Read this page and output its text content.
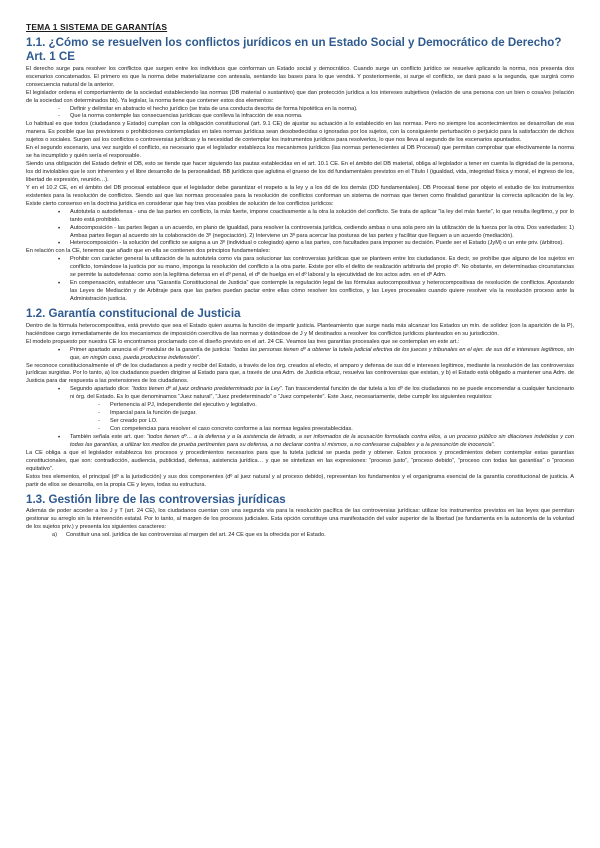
TEMA 1 SISTEMA DE GARANTÍAS
1.1. ¿Cómo se resuelven los conflictos jurídicos en un Estado Social y Democrático de Derecho? Art. 1 CE

El derecho surge para resolver los conflictos que surgen entre los individuos que conforman un Estado social y democrático. Cuando surge un conflicto jurídico se resuelve aplicando la norma, nos presenta dos escenarios concatenados. El primero es que la norma debe materializarse con antesala, sentando las bases para lo que vendrá. Y posteriormente, si surge el conflicto, se dará paso a la segunda, que surgirá como consecuencia natural de la anterior.

El legislador ordena el comportamiento de la sociedad estableciendo las normas (DB material o sustantivo) que dan protección jurídica a los intereses subjetivos (relación de una persona con un bien o cosa/es (relación de la sociedad con determinados bb). Ya legislar, la norma tiene que contener estos dos elementos:

- Definir y delimitar en abstracto el hecho jurídico (se trata de una conducta descrita de forma hipotética en la norma).
- Que la norma contemple las consecuencias jurídicas que conlleva la infracción de esa norma.

Lo habitual es que todos (ciudadanos y Estado) cumplan con la obligación constitucional (art. 9.1 CE) de ajustar su actuación a lo establecido en las normas. Pero no siempre los acontecimientos se desarrollan de esa manera. Es posible que las previsiones o prohibiciones contempladas en tales normas jurídicas sean desobedecidas o ignoradas por los sujetos, con la consiguiente perturbación o perjuicio para la satisfacción de dichos sujetos o sociales. Surgen así los conflictos o controversias jurídicas y la necesidad de contemplar los instrumentos jurídicos para resolverlos, lo que nos lleva al segundo de los escenarios apuntados.

En el segundo escenario, una vez surgido el conflicto, es necesario que el legislador establezca los mecanismos jurídicos (las normas pertenecientes al DB Procesal) que permitan comprobar que efectivamente la norma se ha incumplido y quién sería el responsable.

Siendo una obligación del Estado definir el DB, esto se tiende que hacer siguiendo las pautas establecidas en el art. 10.1 CE. En el ámbito del DB material, obliga al legislador a tener en cuenta la dignidad de la persona, los dd inviolables que le son inherentes y el libre desarrollo de la personalidad. BB jurídicos que aglutina el grueso de los dd fundamentales previstos en el Título I (igualdad, vida, integridad física y moral, el ingreso de los, libertad de expresión, reunión…).

Y en el 10.2 CE, en el ámbito del DB procesal establece que el legislador debe garantizar el respeto a la ley y a los dd de los demás (DD fundamentales). DB Procesal tiene por objeto el estudio de los instrumentos existentes para la resolución de conflictos. Siendo así que las normas procesales para la resolución de conflictos conforman un sistema de normas que tienen como finalidad garantizar la correcta aplicación de la ley. Existe cierto consenso en la doctrina jurídica en considerar que hay tres vías posibles de solución de los conflictos jurídicos:

• Autotutela o autodefensa - una de las partes en conflicto, la más fuerte, impone coactivamente a la otra la solución del conflicto. Se trata de aplicar “la ley del más fuerte”, lo que resulta ilegítimo, y por lo tanto está prohibido.
• Autocomposición - las partes llegan a un acuerdo, en plano de igualdad, para resolver la controversia jurídica, cediendo ambas o una sola pero sin la utilización de la fuerza por la otra. Dos variedades: 1) Ambas partes llegan al acuerdo sin la colaboración de 3º (negociación). 2) Interviene un 3º para acercar las posturas de las partes y facilitar que lleguen a un acuerdo (mediación).
• Heterocomposición - la solución del conflicto se asigna a un 3º (individual o colegiado) ajeno a las partes, con facultades para imponer su decisión. Puede ser el Estado (JyM) o un ente priv. (árbitros).

En relación con la CE, tenemos que añadir que en ella se contienen dos principios fundamentales:

• Prohibir con carácter general la utilización de la autotutela como vía para solucionar las controversias jurídicas que se planteen entre los ciudadanos. Es decir, se prohíbe que alguno de los sujetos en conflicto, tomándose la justicia por su mano, imponga la resolución del conflicto a la otra parte. Existe por ello el delito de realización arbitraria del propio dº. No obstante, en determinadas circunstancias se permite la autodefensa: como son la legítima defensa en el dº penal, el dº de huelga en el dº laboral y la ejecutividad de los actos adm. en el dº Adm.
• En compensación, establecer una “Garantía Constitucional de Justicia” que contemple la regulación legal de las fórmulas autocompositivas y heterocompositivas de resolución de conflictos. Apostando las Leyes de Mediación y de Arbitraje para que las partes puedan pactar entre ellas cómo resolver los conflictos, y las Leyes procesales cuando quiere resolver vía la resolución proceso ante la Administración justicia.
1.2. Garantía constitucional de Justicia

Dentro de la fórmula heterocompositiva, está previsto que sea el Estado quien asuma la función de impartir justicia. Planteamiento que surge nada más alcanzar los Estados un mín. de solidez (con la aparición de la P), haciéndose cargo inmediatamente de los mecanismos de imposición coercitiva de las normas y dotándose de J y M destinados a resolver los conflictos jurídicos planteados en su jurisdicción.

El modelo propuesto por nuestra CE lo encontramos proclamado con el diseño previsto en el art. 24 CE. Veamos las tres garantías procesales que se contemplan en este art.:

• Primer apartado anuncia el dº medular de la garantía de justicia: “todas las personas tienen dº a obtener la tutela judicial efectiva de los jueces y tribunales en el ejer. de sus dd e intereses legítimos, sin que, en ningún caso, pueda producirse indefensión”.

Se reconoce constitucionalmente el dº de los ciudadanos a pedir y recibir del Estado, a través de los órg. creados al efecto, el amparo y defensa de sus dd e intereses legítimos, mediante la resolución de las controversias jurídicas surgidas. Por lo tanto, a) los ciudadanos pueden dirigirse al Estado para que, a través de una Adm. de Justicia eficaz, resuelva las controversias que existan, y b) el Estado está obligado a mantener una Adm. de Justicia para dar respuesta a las pretensiones de los ciudadanos.

• Segundo apartado dice: “todos tienen dº al juez ordinario predeterminado por la Ley”. Tan trascendental función de dar tutela a los dº de los ciudadanos no se puede encomendar a cualquier funcionario ni órg. del Estado. Es lo que denominamos “Juez natural”, “Juez predeterminado” o “Juez competente”. Este Juez, necesariamente, debe cumplir los siguientes requisitos:
- Pertenencia al PJ, independiente del ejecutivo y legislativo.
- Imparcial para la función de juzgar.
- Ser creado por LO.
- Con competencias para resolver el caso concreto conforme a las normas legales preestablecidas.
• También señala este art. que: “todos tienen dº… a la defensa y a la asistencia de letrado, a ser informados de la acusación formulada contra ellos, a un proceso público sin dilaciones indebidas y con todas las garantías, a utilizar los medios de prueba pertinentes para su defensa, a no declarar contra sí mismos, a no confesarse culpables y a la presunción de inocencia”.

La CE obliga a que el legislador establezca los procesos y procedimientos necesarios para que la tutela judicial se pueda pedir y obtener. Estos procesos y procedimientos deben contemplar estas garantías constitucionales, que son: contradicción, audiencia, publicidad, defensa, asistencia jurídica… y que se sintetizan en las expresiones: “proceso justo”, “proceso debido”, “proceso con todas las garantías” o “proceso equitativo”.

Estos tres elementos, el principal (dº a la jurisdicción) y sus dos componentes (dº al juez natural y al proceso debido), representan los fundamentos y el organigrama esencial de la garantía constitucional de justicia. A partir de ellos se desarrolla, en la propia CE y leyes, todas su estructura.

1.3. Gestión libre de las controversias jurídicas

Además de poder acceder a los J y T (art. 24 CE), los ciudadanos cuentan con una segunda vía para la resolución pacífica de las controversias jurídicas: utilizar los instrumentos previstos en las leyes que permitan gestionar su arreglo sin la intervención estatal. Por lo tanto, al margen de los procesos judiciales. Esta opción constituye una manifestación del valor superior de la libertad (se fundamenta en la autonomía de la voluntad de los sujetos priv.) y presenta los siguientes caracteres:

a) Constituir una sol. jurídica de las controversias al margen del art. 24 CE que es la ofrecida por el Estado.
